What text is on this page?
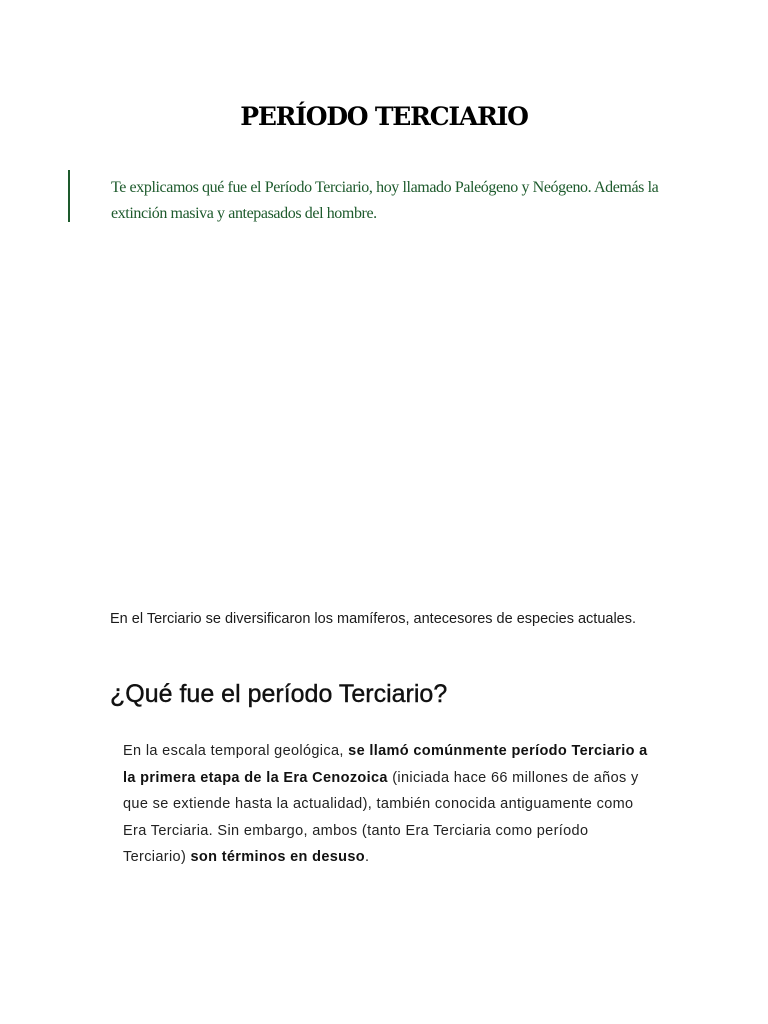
PERÍODO TERCIARIO

Te explicamos qué fue el Período Terciario, hoy llamado Paleógeno y Neógeno. Además la extinción masiva y antepasados del hombre.

En el Terciario se diversificaron los mamíferos, antecesores de especies actuales.

¿Qué fue el período Terciario?

En la escala temporal geológica, se llamó comúnmente período Terciario a la primera etapa de la Era Cenozoica (iniciada hace 66 millones de años y que se extiende hasta la actualidad), también conocida antiguamente como Era Terciaria. Sin embargo, ambos (tanto Era Terciaria como período Terciario) son términos en desuso.
